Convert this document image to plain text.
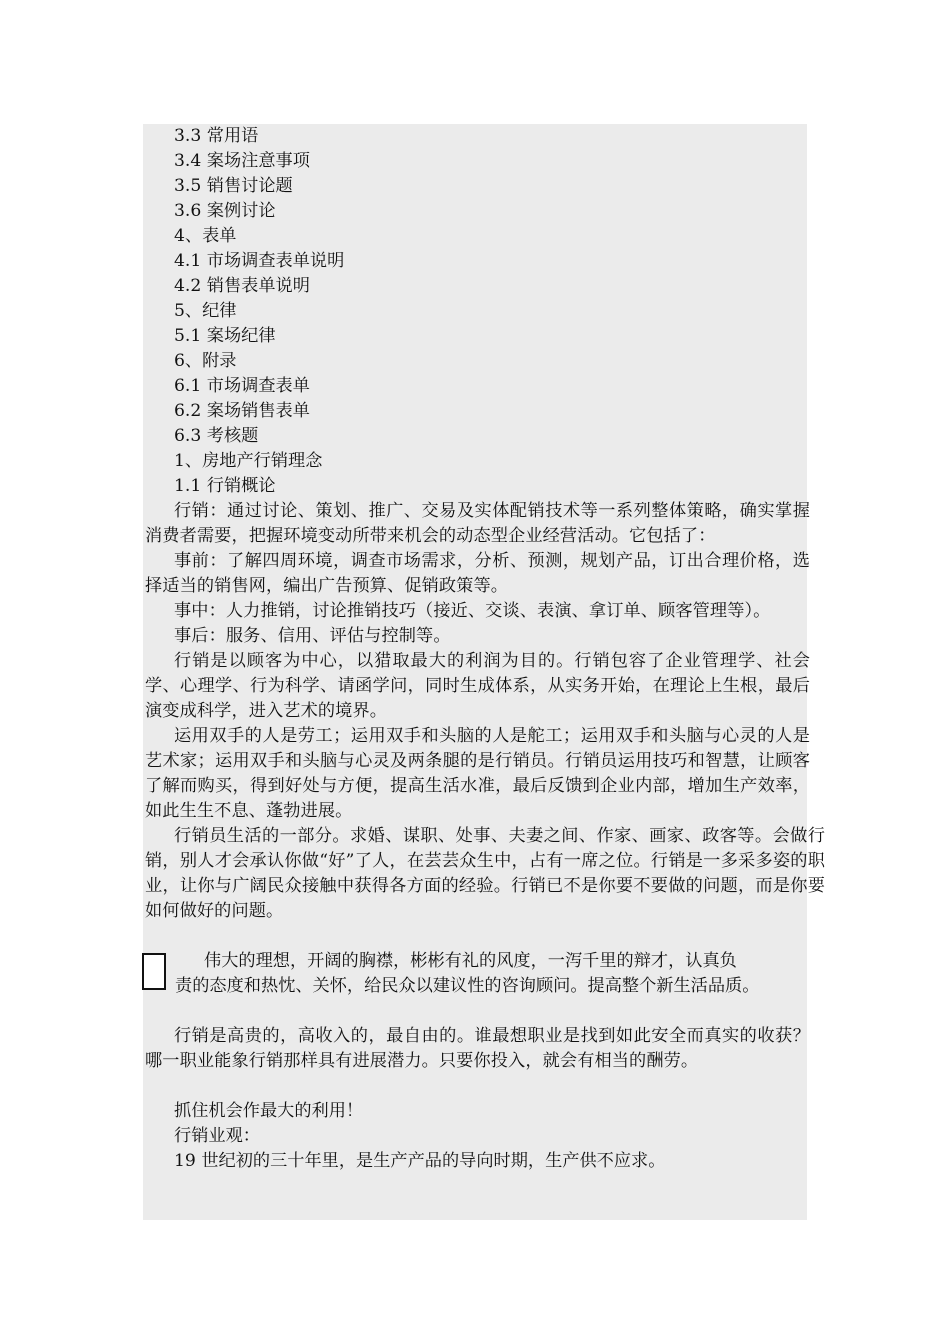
3.3 常用语
3.4 案场注意事项
3.5 销售讨论题
3.6 案例讨论
4、表单
4.1 市场调查表单说明
4.2 销售表单说明
5、纪律
5.1 案场纪律
6、附录
6.1 市场调查表单
6.2 案场销售表单
6.3 考核题
1、房地产行销理念
1.1 行销概论
行销：通过讨论、策划、推广、交易及实体配销技术等一系列整体策略，确实掌握消费者需要，把握环境变动所带来机会的动态型企业经营活动。它包括了：
事前：了解四周环境，调查市场需求，分析、预测，规划产品，订出合理价格，选择适当的销售网，编出广告预算、促销政策等。
事中：人力推销，讨论推销技巧（接近、交谈、表演、拿订单、顾客管理等）。
事后：服务、信用、评估与控制等。
行销是以顾客为中心，以猎取最大的利润为目的。行销包容了企业管理学、社会学、心理学、行为科学、请函学问，同时生成体系，从实务开始，在理论上生根，最后演变成科学，进入艺术的境界。
运用双手的人是劳工；运用双手和头脑的人是舵工；运用双手和头脑与心灵的人是艺术家；运用双手和头脑与心灵及两条腿的是行销员。行销员运用技巧和智慧，让顾客了解而购买，得到好处与方便，提高生活水准，最后反馈到企业内部，增加生产效率，如此生生不息、蓬勃进展。
行销员生活的一部分。求婚、谋职、处事、夫妻之间、作家、画家、政客等。会做行销，别人才会承认你做“好”了人，在芸芸众生中，占有一席之位。行销是一多采多姿的职业，让你与广阔民众接触中获得各方面的经验。行销已不是你要不要做的问题，而是你要如何做好的问题。
伟大的理想，开阔的胸襟，彬彬有礼的风度，一泻千里的辩才，认真负
责的态度和热忱、关怀，给民众以建议性的咨询顾问。提高整个新生活品质。
行销是高贵的，高收入的，最自由的。谁最想职业是找到如此安全而真实的收获？哪一职业能象行销那样具有进展潜力。只要你投入，就会有相当的酬劳。
抓住机会作最大的利用！
行销业观：
19 世纪初的三十年里，是生产产品的导向时期，生产供不应求。
